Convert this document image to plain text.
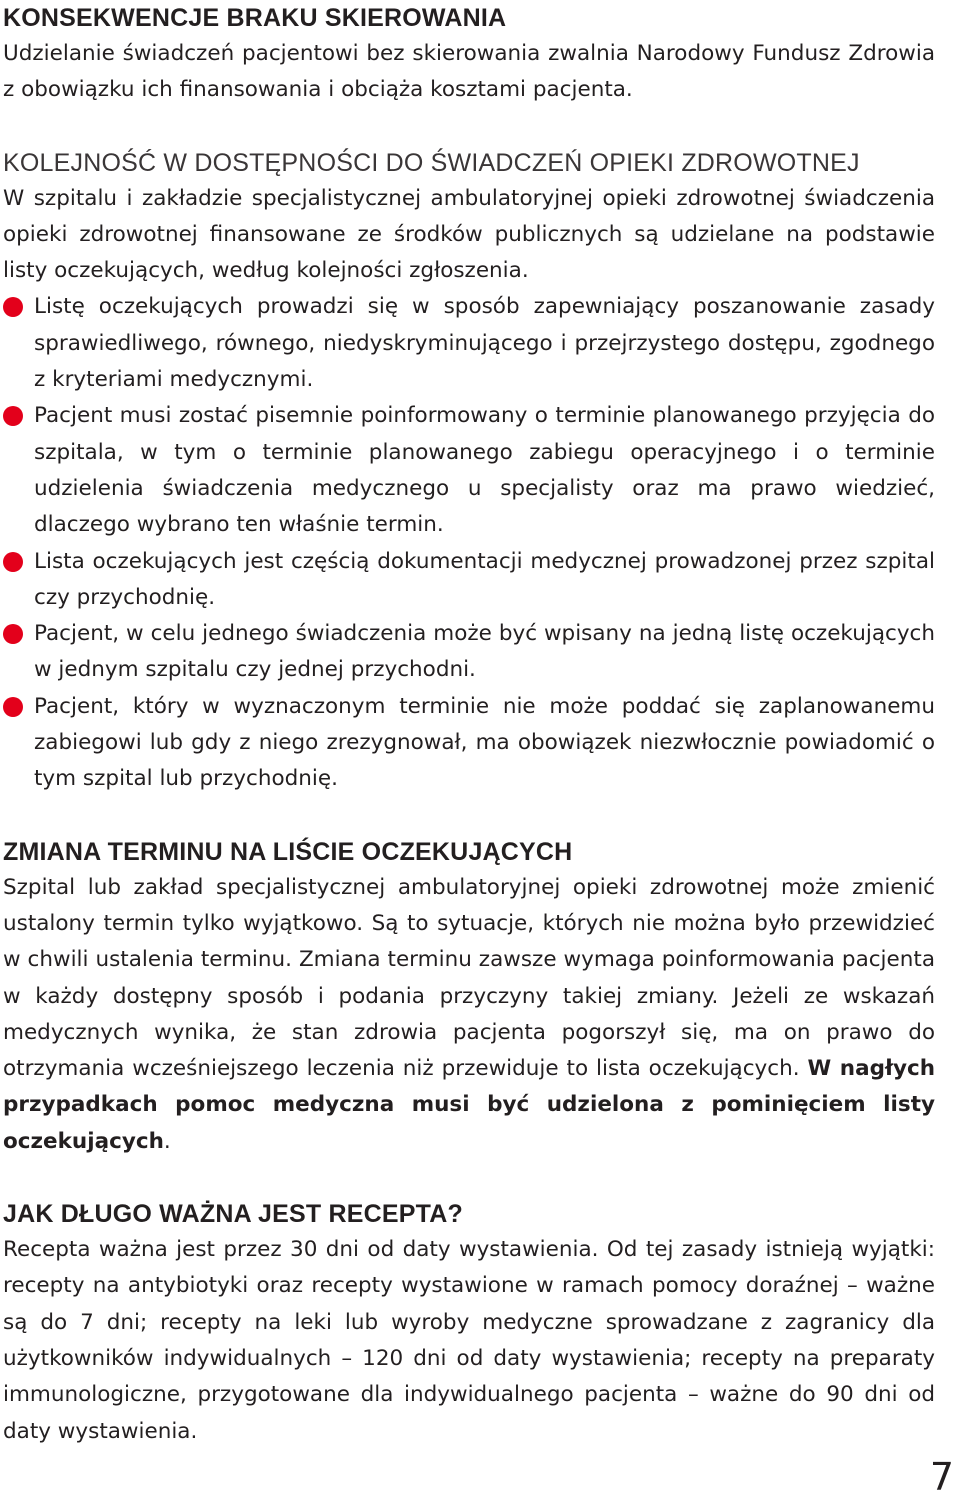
KONSEKWENCJE BRAKU SKIEROWANIA

Udzielanie świadczeń pacjentowi bez skierowania zwalnia Narodowy Fundusz Zdrowia z obowiązku ich finansowania i obciąża kosztami pacjenta.

KOLEJNOŚĆ W DOSTĘPNOŚCI DO ŚWIADCZEŃ OPIEKI ZDROWOTNEJ

W szpitalu i zakładzie specjalistycznej ambulatoryjnej opieki zdrowotnej świadczenia opieki zdrowotnej finansowane ze środków publicznych są udzielane na podstawie listy oczekujących, według kolejności zgłoszenia.

Listę oczekujących prowadzi się w sposób zapewniający poszanowanie zasady sprawiedliwego, równego, niedyskryminującego i przejrzystego dostępu, zgodnego z kryteriami medycznymi.
Pacjent musi zostać pisemnie poinformowany o terminie planowanego przyjęcia do szpitala, w tym o terminie planowanego zabiegu operacyjnego i o terminie udzielenia świadczenia medycznego u specjalisty oraz ma prawo wiedzieć, dlaczego wybrano ten właśnie termin.
Lista oczekujących jest częścią dokumentacji medycznej prowadzonej przez szpital czy przychodnię.
Pacjent, w celu jednego świadczenia może być wpisany na jedną listę oczekujących w jednym szpitalu czy jednej przychodni.
Pacjent, który w wyznaczonym terminie nie może poddać się zaplanowanemu zabiegowi lub gdy z niego zrezygnował, ma obowiązek niezwłocznie powiadomić o tym szpital lub przychodnię.
ZMIANA TERMINU NA LIŚCIE OCZEKUJĄCYCH

Szpital lub zakład specjalistycznej ambulatoryjnej opieki zdrowotnej może zmienić ustalony termin tylko wyjątkowo. Są to sytuacje, których nie można było przewidzieć w chwili ustalenia terminu. Zmiana terminu zawsze wymaga poinformowania pacjenta w każdy dostępny sposób i podania przyczyny takiej zmiany. Jeżeli ze wskazań medycznych wynika, że stan zdrowia pacjenta pogorszył się, ma on prawo do otrzymania wcześniejszego leczenia niż przewiduje to lista oczekujących. W nagłych przypadkach pomoc medyczna musi być udzielona z pominięciem listy oczekujących.

JAK DŁUGO WAŻNA JEST RECEPTA?

Recepta ważna jest przez 30 dni od daty wystawienia. Od tej zasady istnieją wyjątki: recepty na antybiotyki oraz recepty wystawione w ramach pomocy doraźnej – ważne są do 7 dni; recepty na leki lub wyroby medyczne sprowadzane z zagranicy dla użytkowników indywidualnych – 120 dni od daty wystawienia; recepty na preparaty immunologiczne, przygotowane dla indywidualnego pacjenta – ważne do 90 dni od daty wystawienia.

7
